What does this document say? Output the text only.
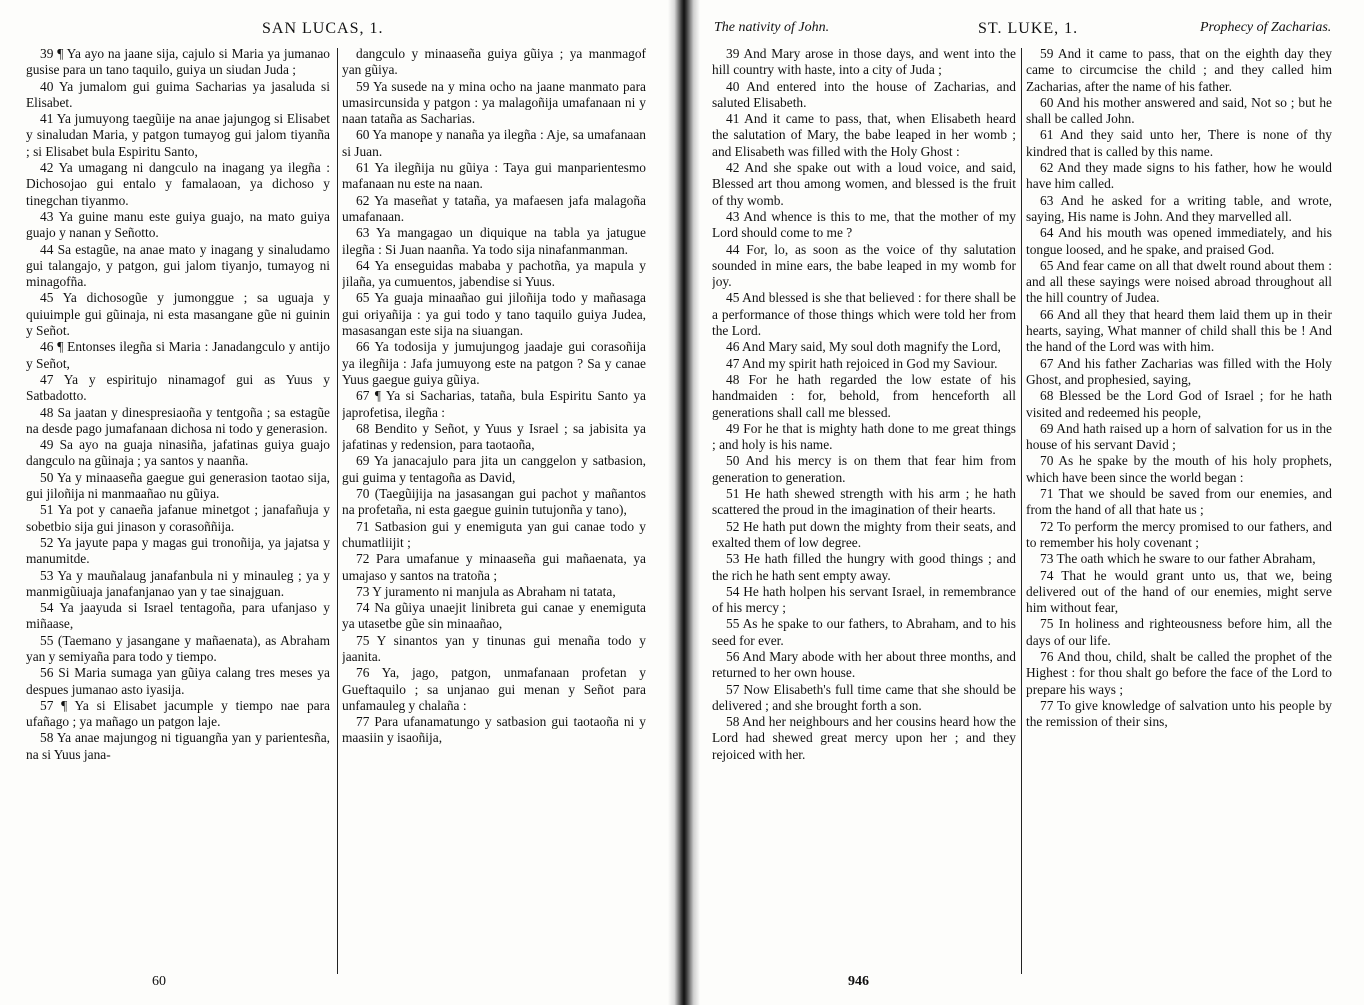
SAN LUCAS, 1.

39 ¶ Ya ayo na jaane sija, cajulo si Maria ya jumanao gusise para un tano taquilo, guiya un siudan Juda ;

40 Ya jumalom gui guima Sacharias ya jasaluda si Elisabet.

41 Ya jumuyong taegũije na anae jajungog si Elisabet y sinaludan Maria, y patgon tumayog gui jalom tiyanña ; si Elisabet bula Espiritu Santo,

42 Ya umagang ni dangculo na inagang ya ilegña : Dichosojao gui entalo y famalaoan, ya dichoso y tinegchan tiyanmo.

43 Ya guine manu este guiya guajo, na mato guiya guajo y nanan y Señotto.

44 Sa estagũe, na anae mato y inagang y sinaludamo gui talangajo, y patgon, gui jalom tiyanjo, tumayog ni minagofña.

45 Ya dichosogũe y jumonggue ; sa uguaja y quiuimple gui gũinaja, ni esta masangane gũe ni guinin y Señot.

46 ¶ Entonses ilegña si Maria : Janadangculo y antijo y Señot,

47 Ya y espiritujo ninamagof gui as Yuus y Satbadotto.

48 Sa jaatan y dinespresiaoña y tentgoña ; sa estagũe na desde pago jumafanaan dichosa ni todo y generasion.

49 Sa ayo na guaja ninasiña, jafatinas guiya guajo dangculo na gũinaja ; ya santos y naanña.

50 Ya y minaaseña gaegue gui generasion taotao sija, gui jiloñija ni manmaañao nu gũiya.

51 Ya pot y canaeña jafanue minetgot ; janafañuja y sobetbio sija gui jinason y corasoññija.

52 Ya jayute papa y magas gui tronoñija, ya jajatsa y manumitde.

53 Ya y mauñalaug janafanbula ni y minauleg ; ya y manmigũiuaja janafanjanao yan y tae sinajguan.

54 Ya jaayuda si Israel tentagoña, para ufanjaso y miñaase,

55 (Taemano y jasangane y mañaenata), as Abraham yan y semiyaña para todo y tiempo.

56 Si Maria sumaga yan gũiya calang tres meses ya despues jumanao asto iyasija.

57 ¶ Ya si Elisabet jacumple y tiempo nae para ufañago ; ya mañago un patgon laje.

58 Ya anae majungog ni tiguangña yan y parientesña, na si Yuus jana-

dangculo y minaaseña guiya gũiya ; ya manmagof yan gũiya.

59 Ya susede na y mina ocho na jaane manmato para umasircunsida y patgon : ya malagoñija umafanaan ni y naan tataña as Sacharias.

60 Ya manope y nanaña ya ilegña : Aje, sa umafanaan si Juan.

61 Ya ilegñija nu gũiya : Taya gui manparientesmo mafanaan nu este na naan.

62 Ya maseñat y tataña, ya mafaesen jafa malagoña umafanaan.

63 Ya mangagao un diquique na tabla ya jatugue ilegña : Si Juan naanña. Ya todo sija ninafanmanman.

64 Ya enseguidas mababa y pachotña, ya mapula y jilaña, ya cumuentos, jabendise si Yuus.

65 Ya guaja minaañao gui jiloñija todo y mañasaga gui oriyañija : ya gui todo y tano taquilo guiya Judea, masasangan este sija na siuangan.

66 Ya todosija y jumujungog jaadaje gui corasoñija ya ilegñija : Jafa jumuyong este na patgon ? Sa y canae Yuus gaegue guiya gũiya.

67 ¶ Ya si Sacharias, tataña, bula Espiritu Santo ya japrofetisa, ilegña :

68 Bendito y Señot, y Yuus y Israel ; sa jabisita ya jafatinas y redension, para taotaoña,

69 Ya janacajulo para jita un canggelon y satbasion, gui guima y tentagoña as David,

70 (Taegũijija na jasasangan gui pachot y mañantos na profetaña, ni esta gaegue guinin tutujonña y tano),

71 Satbasion gui y enemiguta yan gui canae todo y chumatliijit ;

72 Para umafanue y minaaseña gui mañaenata, ya umajaso y santos na tratoña ;

73 Y juramento ni manjula as Abraham ni tatata,

74 Na gũiya unaejit linibreta gui canae y enemiguta ya utasetbe gũe sin minaañao,

75 Y sinantos yan y tinunas gui menaña todo y jaanita.

76 Ya, jago, patgon, unmafanaan profetan y Gueftaquilo ; sa unjanao gui menan y Señot para unfamauleg y chalaña :

77 Para ufanamatungo y satbasion gui taotaoña ni y maasiin y isaoñija,

60
The nativity of John.	ST. LUKE, 1.	Prophecy of Zacharias.

39 And Mary arose in those days, and went into the hill country with haste, into a city of Juda ;

40 And entered into the house of Zacharias, and saluted Elisabeth.

41 And it came to pass, that, when Elisabeth heard the salutation of Mary, the babe leaped in her womb ; and Elisabeth was filled with the Holy Ghost :

42 And she spake out with a loud voice, and said, Blessed art thou among women, and blessed is the fruit of thy womb.

43 And whence is this to me, that the mother of my Lord should come to me ?

44 For, lo, as soon as the voice of thy salutation sounded in mine ears, the babe leaped in my womb for joy.

45 And blessed is she that believed : for there shall be a performance of those things which were told her from the Lord.

46 And Mary said, My soul doth magnify the Lord,

47 And my spirit hath rejoiced in God my Saviour.

48 For he hath regarded the low estate of his handmaiden : for, behold, from henceforth all generations shall call me blessed.

49 For he that is mighty hath done to me great things ; and holy is his name.

50 And his mercy is on them that fear him from generation to generation.

51 He hath shewed strength with his arm ; he hath scattered the proud in the imagination of their hearts.

52 He hath put down the mighty from their seats, and exalted them of low degree.

53 He hath filled the hungry with good things ; and the rich he hath sent empty away.

54 He hath holpen his servant Israel, in remembrance of his mercy ;

55 As he spake to our fathers, to Abraham, and to his seed for ever.

56 And Mary abode with her about three months, and returned to her own house.

57 Now Elisabeth's full time came that she should be delivered ; and she brought forth a son.

58 And her neighbours and her cousins heard how the Lord had shewed great mercy upon her ; and they rejoiced with her.

59 And it came to pass, that on the eighth day they came to circumcise the child ; and they called him Zacharias, after the name of his father.

60 And his mother answered and said, Not so ; but he shall be called John.

61 And they said unto her, There is none of thy kindred that is called by this name.

62 And they made signs to his father, how he would have him called.

63 And he asked for a writing table, and wrote, saying, His name is John. And they marvelled all.

64 And his mouth was opened immediately, and his tongue loosed, and he spake, and praised God.

65 And fear came on all that dwelt round about them : and all these sayings were noised abroad throughout all the hill country of Judea.

66 And all they that heard them laid them up in their hearts, saying, What manner of child shall this be ! And the hand of the Lord was with him.

67 And his father Zacharias was filled with the Holy Ghost, and prophesied, saying,

68 Blessed be the Lord God of Israel ; for he hath visited and redeemed his people,

69 And hath raised up a horn of salvation for us in the house of his servant David ;

70 As he spake by the mouth of his holy prophets, which have been since the world began :

71 That we should be saved from our enemies, and from the hand of all that hate us ;

72 To perform the mercy promised to our fathers, and to remember his holy covenant ;

73 The oath which he sware to our father Abraham,

74 That he would grant unto us, that we, being delivered out of the hand of our enemies, might serve him without fear,

75 In holiness and righteousness before him, all the days of our life.

76 And thou, child, shalt be called the prophet of the Highest : for thou shalt go before the face of the Lord to prepare his ways ;

77 To give knowledge of salvation unto his people by the remission of their sins,

946
